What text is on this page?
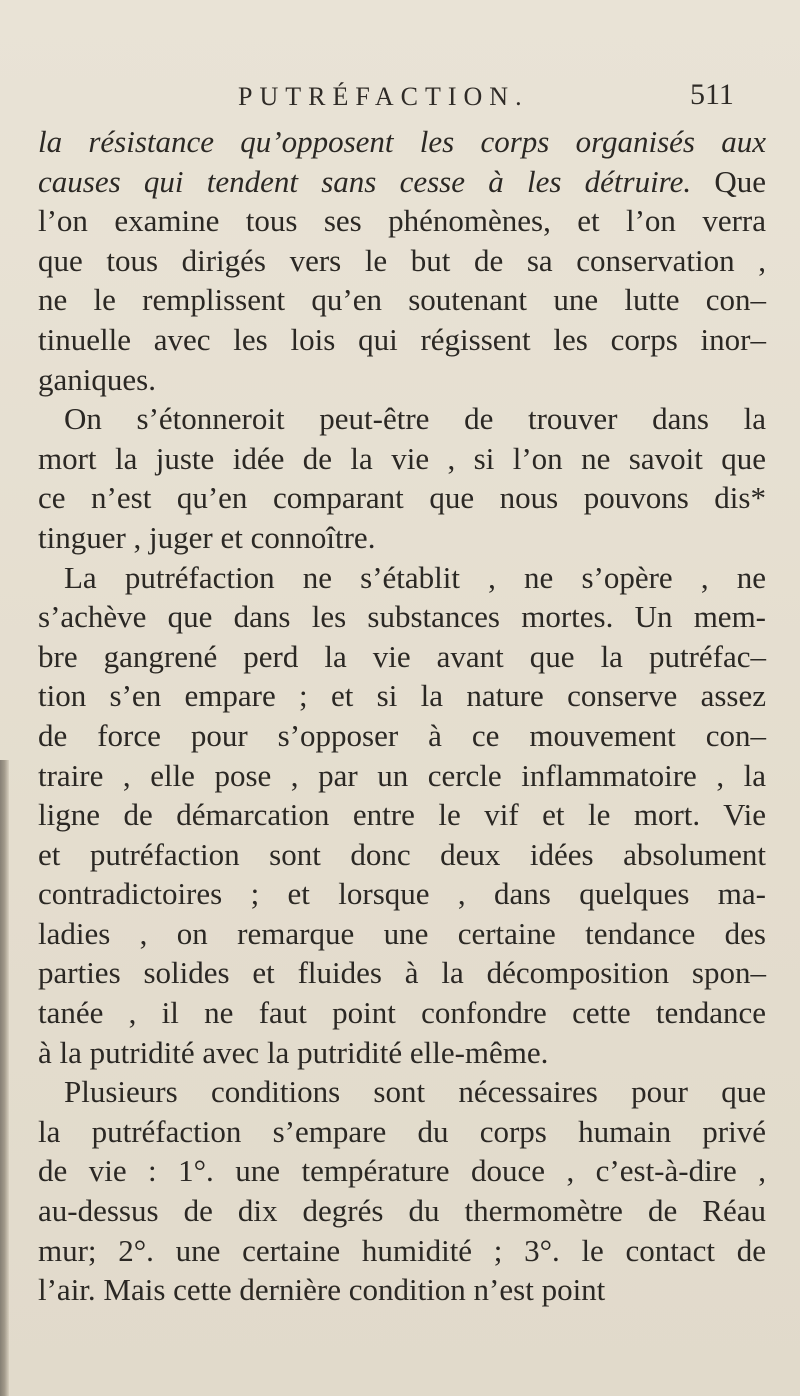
PUTRÉFACTION.	511
la résistance qu’opposent les corps organisés aux
causes qui tendent sans cesse à les détruire. Que
l’on examine tous ses phénomènes, et l’on verra
que tous dirigés vers le but de sa conservation ,
ne le remplissent qu’en soutenant une lutte con–
tinuelle avec les lois qui régissent les corps inor–
ganiques.
On s’étonneroit peut-être de trouver dans la
mort la juste idée de la vie , si l’on ne savoit que
ce n’est qu’en comparant que nous pouvons dis*
tinguer , juger et connoître.
La putréfaction ne s’établit , ne s’opère , ne
s’achève que dans les substances mortes. Un mem-
bre gangrené perd la vie avant que la putréfac–
tion s’en empare ; et si la nature conserve assez
de force pour s’opposer à ce mouvement con–
traire , elle pose , par un cercle inflammatoire , la
ligne de démarcation entre le vif et le mort. Vie
et putréfaction sont donc deux idées absolument
contradictoires ; et lorsque , dans quelques ma-
ladies , on remarque une certaine tendance des
parties solides et fluides à la décomposition spon–
tanée , il ne faut point confondre cette tendance
à la putridité avec la putridité elle-même.
Plusieurs conditions sont nécessaires pour que
la putréfaction s’empare du corps humain privé
de vie : 1°. une température douce , c’est-à-dire ,
au-dessus de dix degrés du thermomètre de Réau
mur; 2°. une certaine humidité ; 3°. le contact de
l’air. Mais cette dernière condition n’est point
